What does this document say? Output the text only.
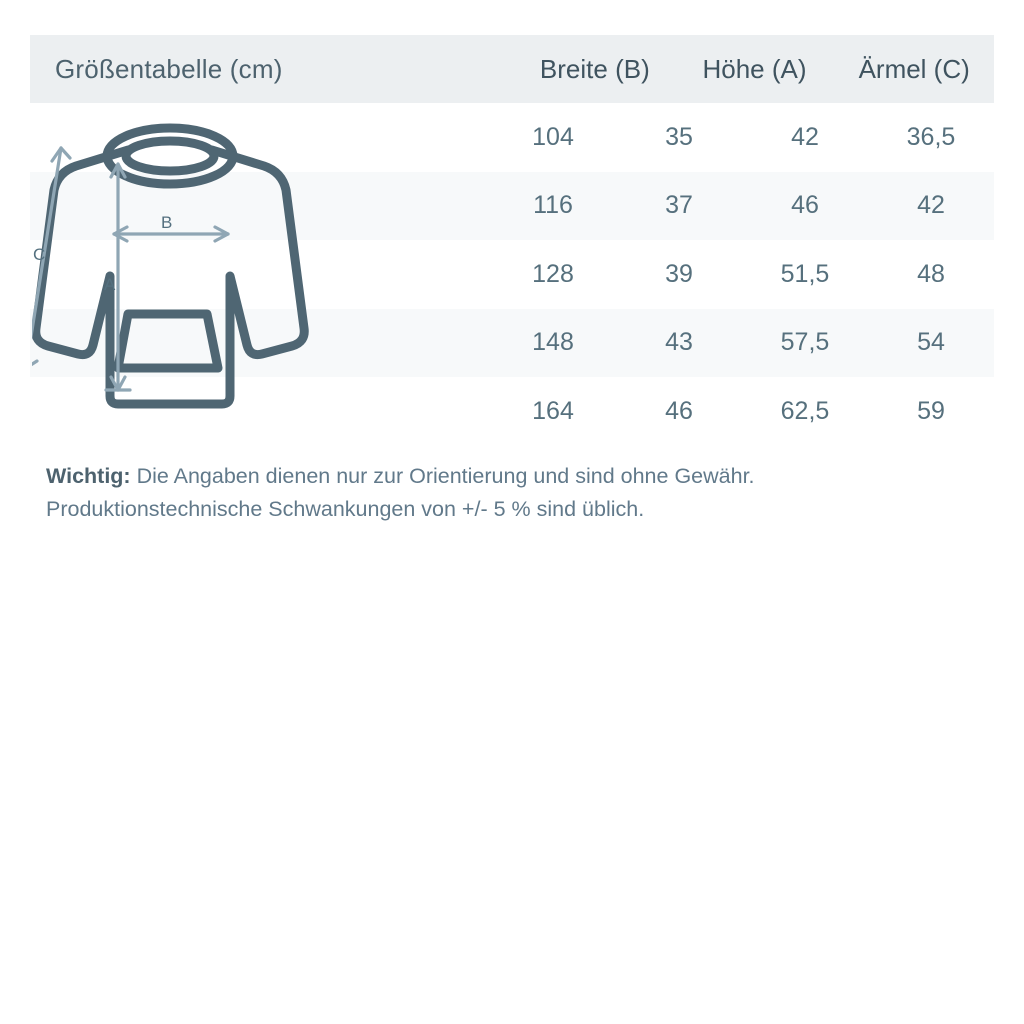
Größentabelle (cm)	Breite (B)	Höhe (A)	Ärmel (C)
104	35	42	36,5
116	37	46	42
128	39	51,5	48
148	43	57,5	54
164	46	62,5	59
C
B
A
Wichtig: Die Angaben dienen nur zur Orientierung und sind ohne Gewähr.
Produktionstechnische Schwankungen von +/- 5 % sind üblich.
